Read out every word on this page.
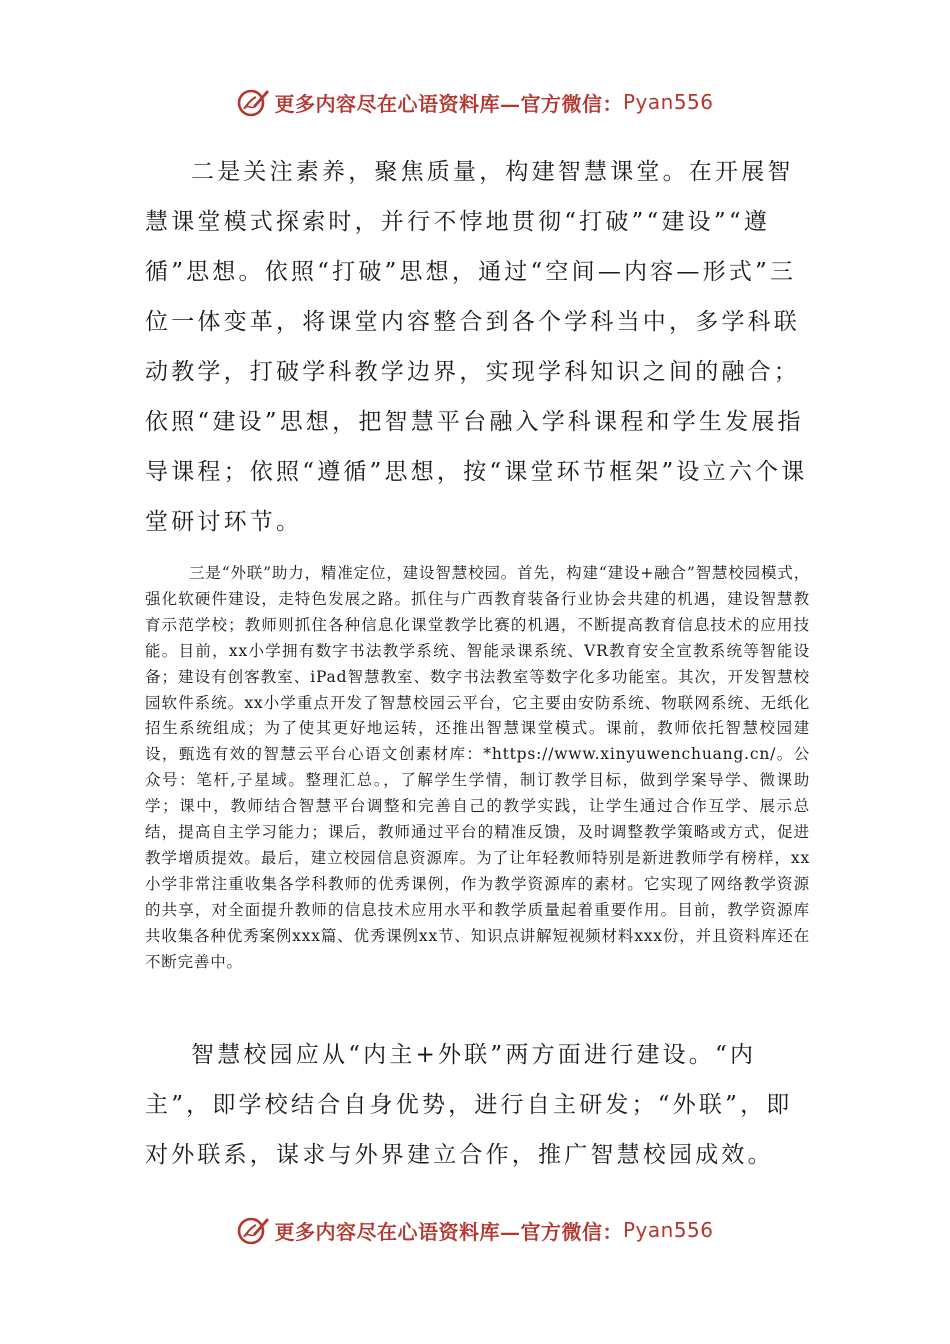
更多内容尽在心语资料库—官方微信： Pyan556

二是关注素养，聚焦质量，构建智慧课堂。在开展智慧课堂模式探索时，并行不悖地贯彻“打破”“建设”“遵循”思想。依照“打破”思想，通过“空间—内容—形式”三位一体变革，将课堂内容整合到各个学科当中，多学科联动教学，打破学科教学边界，实现学科知识之间的融合；依照“建设”思想，把智慧平台融入学科课程和学生发展指导课程；依照“遵循”思想，按“课堂环节框架”设立六个课堂研讨环节。

三是“外联”助力，精准定位，建设智慧校园。首先，构建“建设+融合”智慧校园模式，强化软硬件建设，走特色发展之路。抓住与广西教育装备行业协会共建的机遇，建设智慧教育示范学校；教师则抓住各种信息化课堂教学比赛的机遇，不断提高教育信息技术的应用技能。目前，xx小学拥有数字书法教学系统、智能录课系统、VR教育安全宣教系统等智能设备；建设有创客教室、iPad智慧教室、数字书法教室等数字化多功能室。其次，开发智慧校园软件系统。xx小学重点开发了智慧校园云平台，它主要由安防系统、物联网系统、无纸化招生系统组成；为了使其更好地运转，还推出智慧课堂模式。课前，教师依托智慧校园建设，甄选有效的智慧云平台心语文创素材库：*https://www.xinyuwenchuang.cn/。公众号：笔杆,子星域。整理汇总。，了解学生学情，制订教学目标，做到学案导学、微课助学；课中，教师结合智慧平台调整和完善自己的教学实践，让学生通过合作互学、展示总结，提高自主学习能力；课后，教师通过平台的精准反馈，及时调整教学策略或方式，促进教学增质提效。最后，建立校园信息资源库。为了让年轻教师特别是新进教师学有榜样，xx小学非常注重收集各学科教师的优秀课例，作为教学资源库的素材。它实现了网络教学资源的共享，对全面提升教师的信息技术应用水平和教学质量起着重要作用。目前，教学资源库共收集各种优秀案例xxx篇、优秀课例xx节、知识点讲解短视频材料xxx份，并且资料库还在不断完善中。

智慧校园应从“内主+外联”两方面进行建设。“内主”，即学校结合自身优势，进行自主研发；“外联”，即对外联系，谋求与外界建立合作，推广智慧校园成效。

更多内容尽在心语资料库—官方微信： Pyan556
